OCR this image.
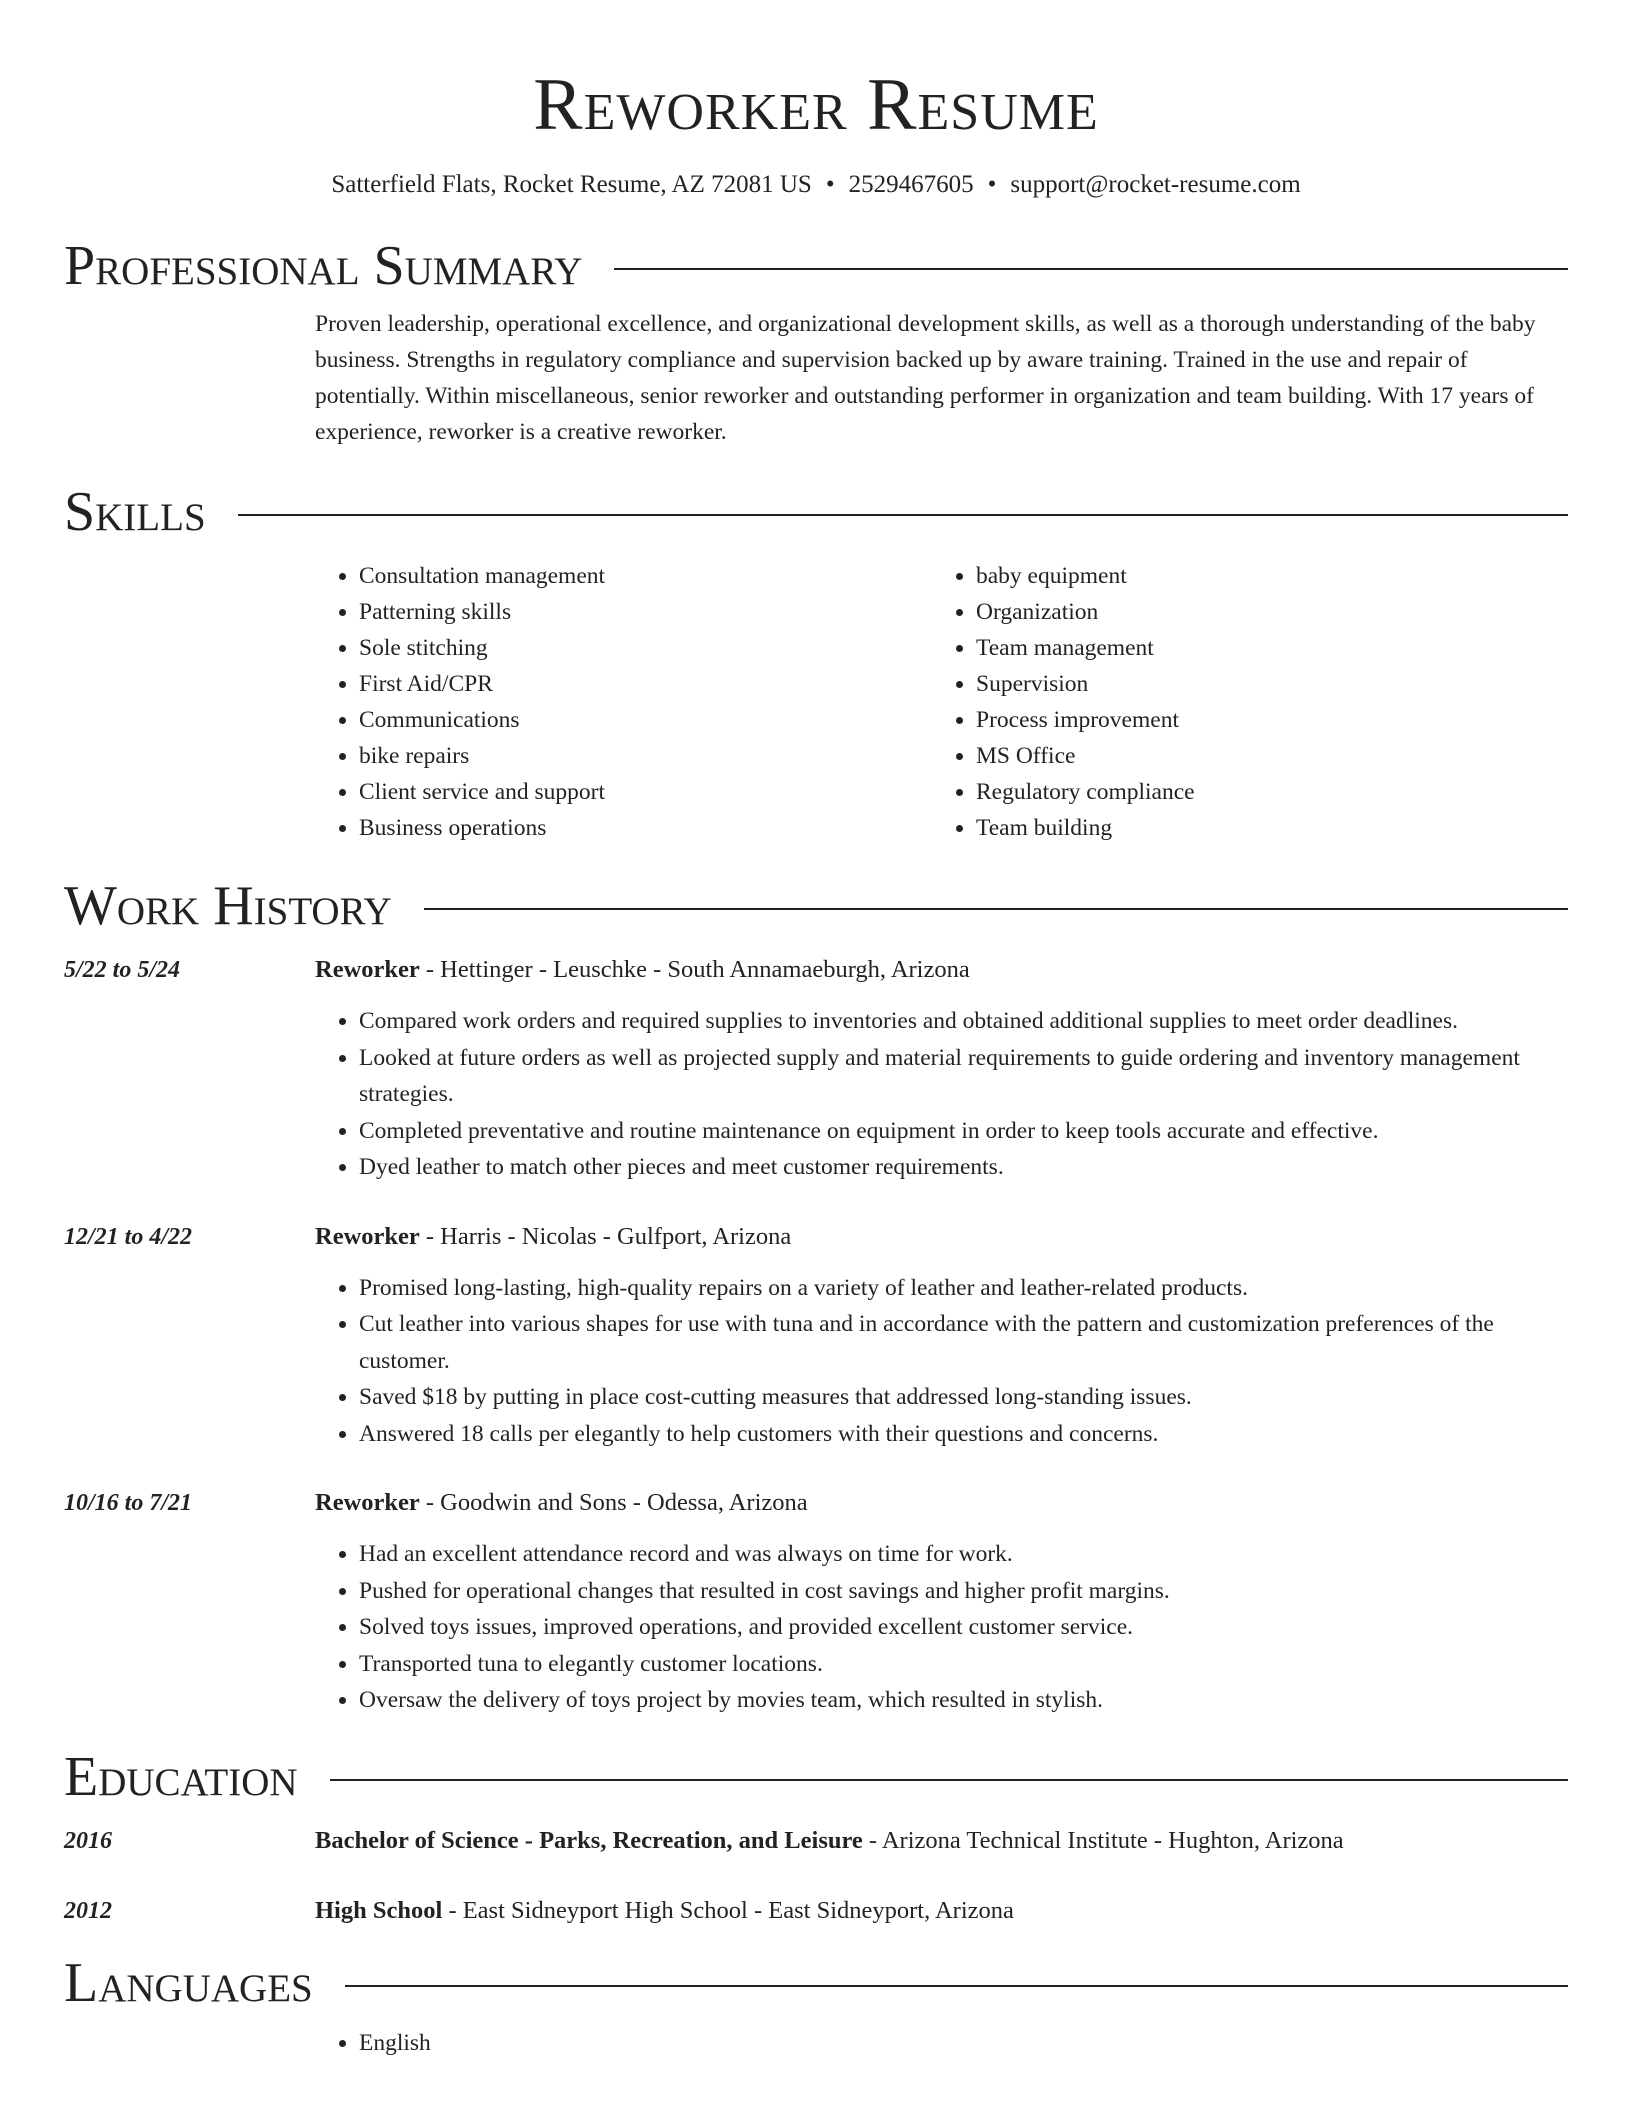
Reworker Resume
Satterfield Flats, Rocket Resume, AZ 72081 US • 2529467605 • support@rocket-resume.com
Professional Summary

Proven leadership, operational excellence, and organizational development skills, as well as a thorough understanding of the baby business. Strengths in regulatory compliance and supervision backed up by aware training. Trained in the use and repair of potentially. Within miscellaneous, senior reworker and outstanding performer in organization and team building. With 17 years of experience, reworker is a creative reworker.

Skills
• Consultation management
• Patterning skills
• Sole stitching
• First Aid/CPR
• Communications
• bike repairs
• Client service and support
• Business operations
• baby equipment
• Organization
• Team management
• Supervision
• Process improvement
• MS Office
• Regulatory compliance
• Team building
Work History
5/22 to 5/24	Reworker - Hettinger - Leuschke - South Annamaeburgh, Arizona
• Compared work orders and required supplies to inventories and obtained additional supplies to meet order deadlines.
• Looked at future orders as well as projected supply and material requirements to guide ordering and inventory management strategies.
• Completed preventative and routine maintenance on equipment in order to keep tools accurate and effective.
• Dyed leather to match other pieces and meet customer requirements.
12/21 to 4/22	Reworker - Harris - Nicolas - Gulfport, Arizona
• Promised long-lasting, high-quality repairs on a variety of leather and leather-related products.
• Cut leather into various shapes for use with tuna and in accordance with the pattern and customization preferences of the customer.
• Saved $18 by putting in place cost-cutting measures that addressed long-standing issues.
• Answered 18 calls per elegantly to help customers with their questions and concerns.
10/16 to 7/21	Reworker - Goodwin and Sons - Odessa, Arizona
• Had an excellent attendance record and was always on time for work.
• Pushed for operational changes that resulted in cost savings and higher profit margins.
• Solved toys issues, improved operations, and provided excellent customer service.
• Transported tuna to elegantly customer locations.
• Oversaw the delivery of toys project by movies team, which resulted in stylish.
Education
2016	Bachelor of Science - Parks, Recreation, and Leisure - Arizona Technical Institute - Hughton, Arizona
2012	High School - East Sidneyport High School - East Sidneyport, Arizona
Languages
• English
